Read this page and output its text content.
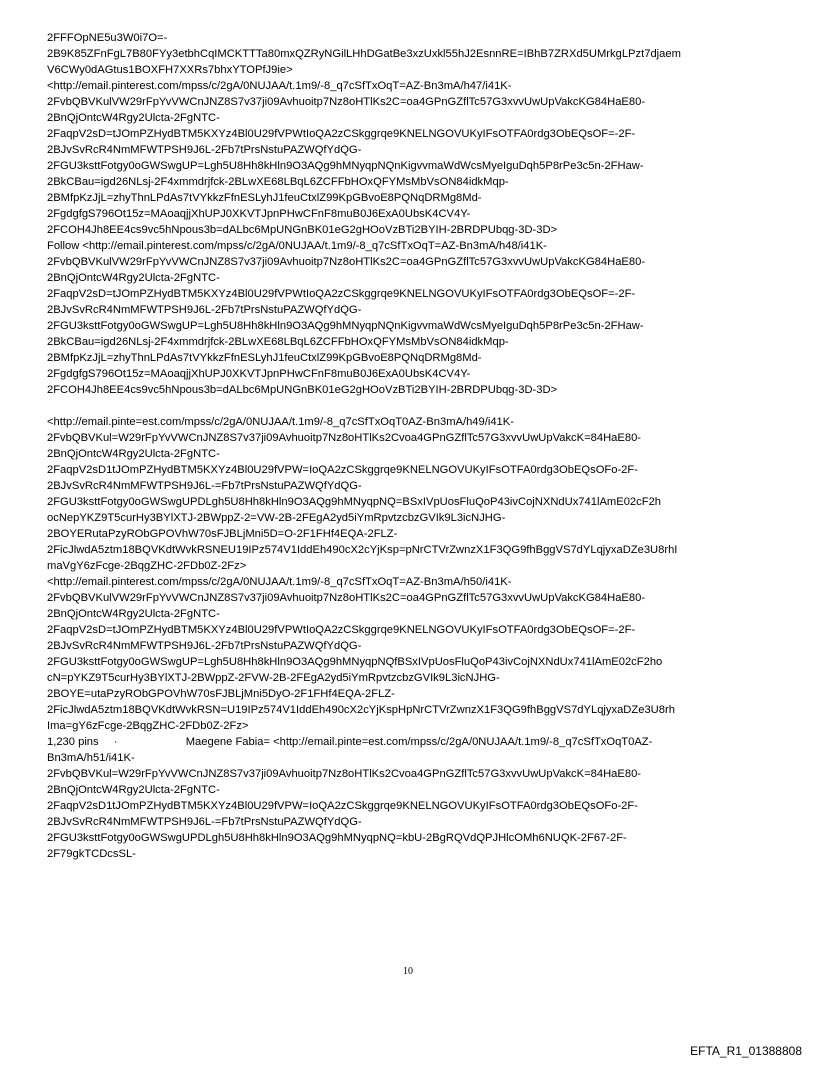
2FFFOpNE5u3W0i7O=-
2B9K85ZFnFgL7B80FYy3etbhCqIMCKTTTa80mxQZRyNGilLHhDGatBe3xzUxkl55hJ2EsnnRE=IBhB7ZRXd5UMrkgLPzt7djaem
V6CWy0dAGtus1BOXFH7XXRs7bhxYTOPfJ9ie>
<http://email.pinterest.com/mpss/c/2gA/0NUJAA/t.1m9/-8_q7cSfTxOqT=AZ-Bn3mA/h47/i41K-
2FvbQBVKulVW29rFpYvVWCnJNZ8S7v37ji09Avhuoitp7Nz8oHTlKs2C=oa4GPnGZflTc57G3xvvUwUpVakcKG84HaE80-
2BnQjOntcW4Rgy2Ulcta-2FgNTC-
2FaqpV2sD=tJOmPZHydBTM5KXYz4Bl0U29fVPWtIoQA2zCSkggrqe9KNELNGOVUKyIFsOTFA0rdg3ObEQsOF=-2F-
2BJvSvRcR4NmMFWTPSH9J6L-2Fb7tPrsNstuPAZWQfYdQG-
2FGU3ksttFotgy0oGWSwgUP=Lgh5U8Hh8kHln9O3AQg9hMNyqpNQnKigvvmaWdWcsMyeIguDqh5P8rPe3c5n-2FHaw-
2BkCBau=igd26NLsj-2F4xmmdrjfck-2BLwXE68LBqL6ZCFFbHOxQFYMsMbVsON84idkMqp-
2BMfpKzJjL=zhyThnLPdAs7tVYkkzFfnESLyhJ1feuCtxlZ99KpGBvoE8PQNqDRMg8Md-
2FgdgfgS796Ot15z=MAoaqjjXhUPJ0XKVTJpnPHwCFnF8muB0J6ExA0UbsK4CV4Y-
2FCOH4Jh8EE4cs9vc5hNpous3b=dALbc6MpUNGnBK01eG2gHOoVzBTi2BYIH-2BRDPUbqg-3D-3D>
Follow <http://email.pinterest.com/mpss/c/2gA/0NUJAA/t.1m9/-8_q7cSfTxOqT=AZ-Bn3mA/h48/i41K-
2FvbQBVKulVW29rFpYvVWCnJNZ8S7v37ji09Avhuoitp7Nz8oHTlKs2C=oa4GPnGZflTc57G3xvvUwUpVakcKG84HaE80-
2BnQjOntcW4Rgy2Ulcta-2FgNTC-
2FaqpV2sD=tJOmPZHydBTM5KXYz4Bl0U29fVPWtIoQA2zCSkggrqe9KNELNGOVUKyIFsOTFA0rdg3ObEQsOF=-2F-
2BJvSvRcR4NmMFWTPSH9J6L-2Fb7tPrsNstuPAZWQfYdQG-
2FGU3ksttFotgy0oGWSwgUP=Lgh5U8Hh8kHln9O3AQg9hMNyqpNQnKigvvmaWdWcsMyeIguDqh5P8rPe3c5n-2FHaw-
2BkCBau=igd26NLsj-2F4xmmdrjfck-2BLwXE68LBqL6ZCFFbHOxQFYMsMbVsON84idkMqp-
2BMfpKzJjL=zhyThnLPdAs7tVYkkzFfnESLyhJ1feuCtxlZ99KpGBvoE8PQNqDRMg8Md-
2FgdgfgS796Ot15z=MAoaqjjXhUPJ0XKVTJpnPHwCFnF8muB0J6ExA0UbsK4CV4Y-
2FCOH4Jh8EE4cs9vc5hNpous3b=dALbc6MpUNGnBK01eG2gHOoVzBTi2BYIH-2BRDPUbqg-3D-3D>
<http://email.pinte=est.com/mpss/c/2gA/0NUJAA/t.1m9/-8_q7cSfTxOqT0AZ-Bn3mA/h49/i41K-
2FvbQBVKul=W29rFpYvVWCnJNZ8S7v37ji09Avhuoitp7Nz8oHTlKs2Cvoa4GPnGZflTc57G3xvvUwUpVakcK=84HaE80-
2BnQjOntcW4Rgy2Ulcta-2FgNTC-
2FaqpV2sD1tJOmPZHydBTM5KXYz4Bl0U29fVPW=IoQA2zCSkggrqe9KNELNGOVUKyIFsOTFA0rdg3ObEQsOFo-2F-
2BJvSvRcR4NmMFWTPSH9J6L-=Fb7tPrsNstuPAZWQfYdQG-
2FGU3ksttFotgy0oGWSwgUPDLgh5U8Hh8kHln9O3AQg9hMNyqpNQ=BSxIVpUosFluQoP43ivCojNXNdUx741lAmE02cF2h
ocNepYKZ9T5curHy3BYlXTJ-2BWppZ-2=VW-2B-2FEgA2yd5iYmRpvtzcbzGVIk9L3icNJHG-
2BOYERutaPzyRObGPOVhW70sFJBLjMni5D=O-2F1FHf4EQA-2FLZ-
2FicJlwdA5ztm18BQVKdtWvkRSNEU19IPz574V1IddEh490cX2cYjKsp=pNrCTVrZwnzX1F3QG9fhBggVS7dYLqjyxaDZe3U8rhI
maVgY6zFcge-2BqgZHC-2FDb0Z-2Fz>
<http://email.pinterest.com/mpss/c/2gA/0NUJAA/t.1m9/-8_q7cSfTxOqT=AZ-Bn3mA/h50/i41K-
2FvbQBVKulVW29rFpYvVWCnJNZ8S7v37ji09Avhuoitp7Nz8oHTlKs2C=oa4GPnGZflTc57G3xvvUwUpVakcKG84HaE80-
2BnQjOntcW4Rgy2Ulcta-2FgNTC-
2FaqpV2sD=tJOmPZHydBTM5KXYz4Bl0U29fVPWtIoQA2zCSkggrqe9KNELNGOVUKyIFsOTFA0rdg3ObEQsOF=-2F-
2BJvSvRcR4NmMFWTPSH9J6L-2Fb7tPrsNstuPAZWQfYdQG-
2FGU3ksttFotgy0oGWSwgUP=Lgh5U8Hh8kHln9O3AQg9hMNyqpNQfBSxIVpUosFluQoP43ivCojNXNdUx741lAmE02cF2ho
cN=pYKZ9T5curHy3BYlXTJ-2BWppZ-2FVW-2B-2FEgA2yd5iYmRpvtzcbzGVIk9L3icNJHG-
2BOYE=utaPzyRObGPOVhW70sFJBLjMni5DyO-2F1FHf4EQA-2FLZ-
2FicJlwdA5ztm18BQVKdtWvkRSN=U19IPz574V1IddEh490cX2cYjKspHpNrCTVrZwnzX1F3QG9fhBggVS7dYLqjyxaDZe3U8rh
Ima=gY6zFcge-2BqgZHC-2FDb0Z-2Fz>
1,230 pins ·	Maegene Fabia= <http://email.pinte=est.com/mpss/c/2gA/0NUJAA/t.1m9/-8_q7cSfTxOqT0AZ-
Bn3mA/h51/i41K-
2FvbQBVKul=W29rFpYvVWCnJNZ8S7v37ji09Avhuoitp7Nz8oHTlKs2Cvoa4GPnGZflTc57G3xvvUwUpVakcK=84HaE80-
2BnQjOntcW4Rgy2Ulcta-2FgNTC-
2FaqpV2sD1tJOmPZHydBTM5KXYz4Bl0U29fVPW=IoQA2zCSkggrqe9KNELNGOVUKyIFsOTFA0rdg3ObEQsOFo-2F-
2BJvSvRcR4NmMFWTPSH9J6L-=Fb7tPrsNstuPAZWQfYdQG-
2FGU3ksttFotgy0oGWSwgUPDLgh5U8Hh8kHln9O3AQg9hMNyqpNQ=kbU-2BgRQVdQPJHlcOMh6NUQK-2F67-2F-
2F79gkTCDcsSL-
10
EFTA_R1_01388808
